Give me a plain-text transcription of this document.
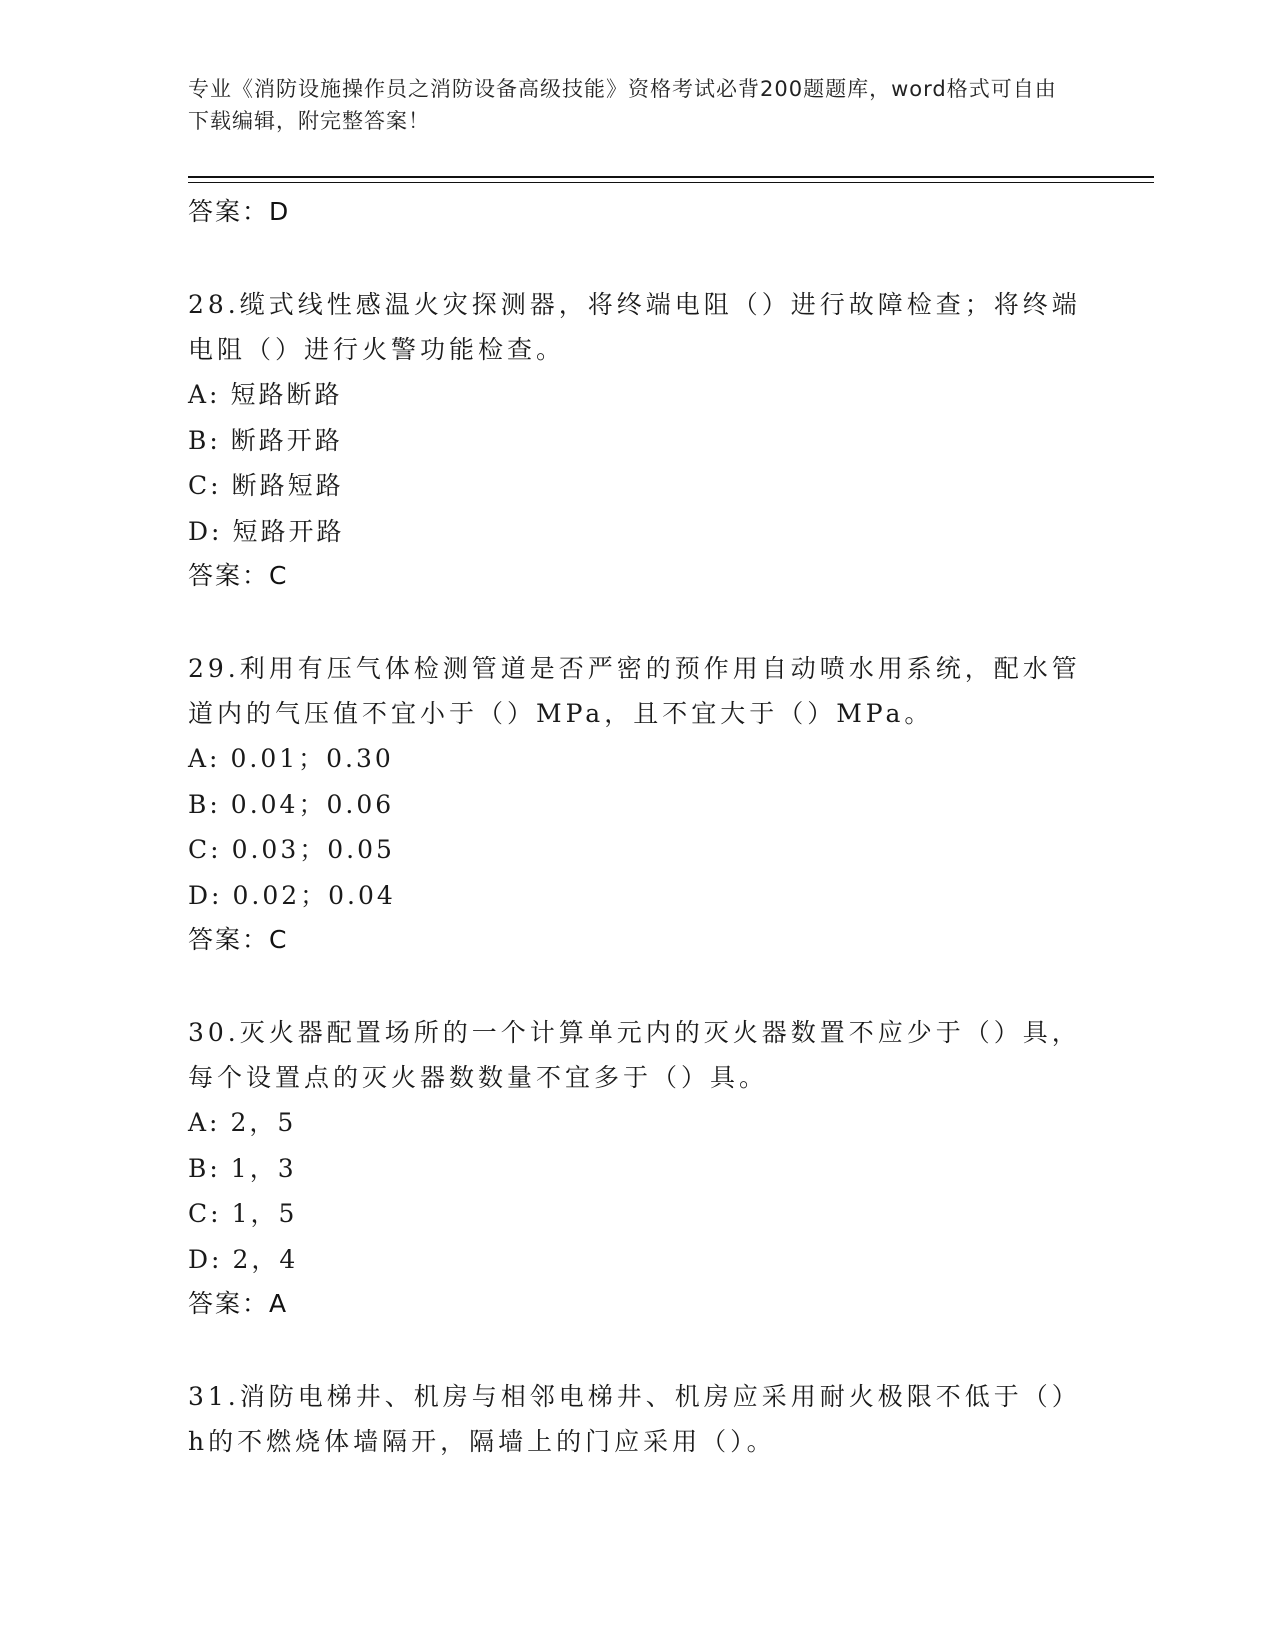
专业《消防设施操作员之消防设备高级技能》资格考试必背200题题库，word格式可自由下载编辑，附完整答案！
答案：D

28.缆式线性感温火灾探测器，将终端电阻（）进行故障检查；将终端电阻（）进行火警功能检查。

A: 短路断路
B: 断路开路
C: 断路短路
D: 短路开路
答案：C

29.利用有压气体检测管道是否严密的预作用自动喷水用系统，配水管道内的气压值不宜小于（）MPa，且不宜大于（）MPa。

A: 0.01；0.30
B: 0.04；0.06
C: 0.03；0.05
D: 0.02；0.04
答案：C

30.灭火器配置场所的一个计算单元内的灭火器数置不应少于（）具，每个设置点的灭火器数数量不宜多于（）具。

A: 2，5
B: 1，3
C: 1，5
D: 2，4
答案：A

31.消防电梯井、机房与相邻电梯井、机房应采用耐火极限不低于（）h的不燃烧体墙隔开，隔墙上的门应采用（）。
